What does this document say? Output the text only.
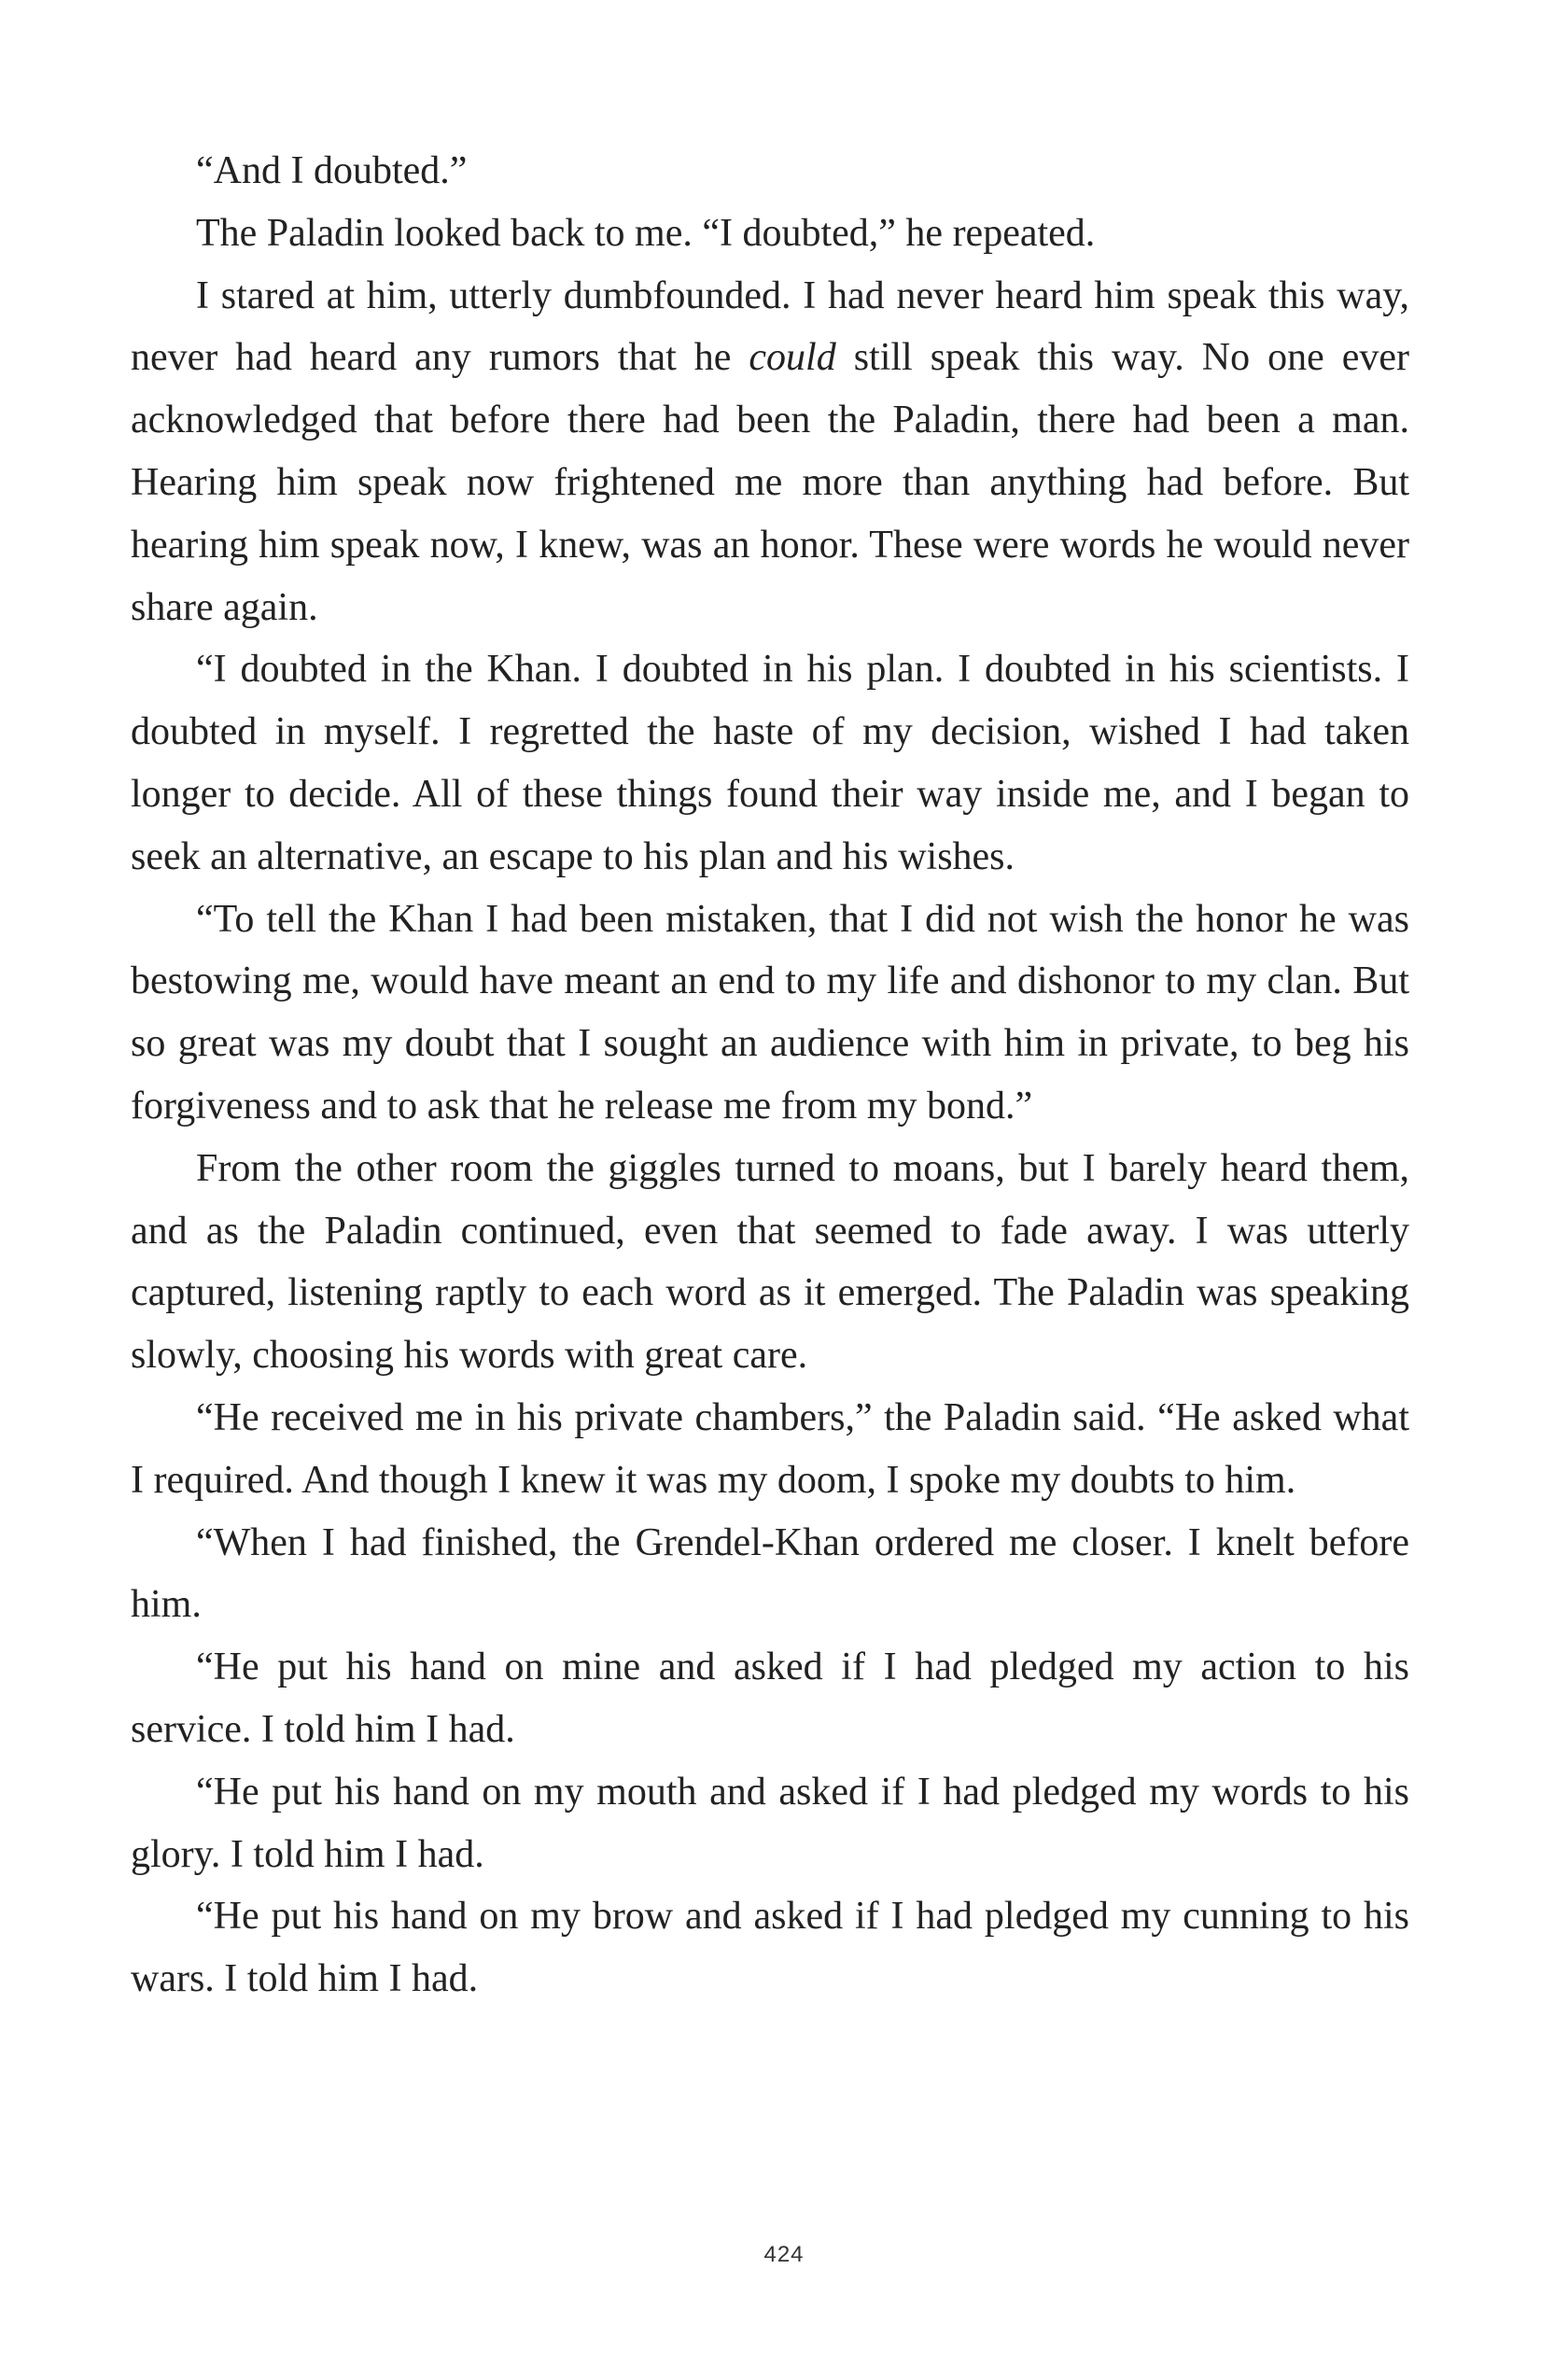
“And I doubted.”

The Paladin looked back to me. “I doubted,” he repeated.

I stared at him, utterly dumbfounded. I had never heard him speak this way, never had heard any rumors that he could still speak this way. No one ever acknowledged that before there had been the Paladin, there had been a man. Hearing him speak now frightened me more than anything had before. But hearing him speak now, I knew, was an honor. These were words he would never share again.

“I doubted in the Khan. I doubted in his plan. I doubted in his scientists. I doubted in myself. I regretted the haste of my decision, wished I had taken longer to decide. All of these things found their way inside me, and I began to seek an alternative, an escape to his plan and his wishes.

“To tell the Khan I had been mistaken, that I did not wish the honor he was bestowing me, would have meant an end to my life and dishonor to my clan. But so great was my doubt that I sought an audience with him in private, to beg his forgiveness and to ask that he release me from my bond.”

From the other room the giggles turned to moans, but I barely heard them, and as the Paladin continued, even that seemed to fade away. I was utterly captured, listening raptly to each word as it emerged. The Paladin was speaking slowly, choosing his words with great care.

“He received me in his private chambers,” the Paladin said. “He asked what I required. And though I knew it was my doom, I spoke my doubts to him.

“When I had finished, the Grendel-Khan ordered me closer. I knelt before him.

“He put his hand on mine and asked if I had pledged my action to his service. I told him I had.

“He put his hand on my mouth and asked if I had pledged my words to his glory. I told him I had.

“He put his hand on my brow and asked if I had pledged my cunning to his wars. I told him I had.

424
